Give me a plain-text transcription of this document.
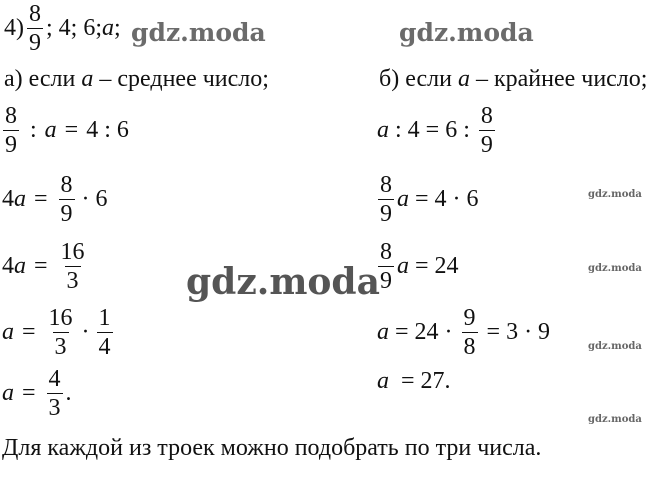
$4) \frac{8}{9}$ ; 4; 6; a ; gdz.moda	gdz.moda
gdz.moda
gdz.moda
gdz.moda
gdz.moda
gdz.moda
а) если a – среднее число;
$\frac{8}{9}$ : a = 4 : 6
4 $a = \frac{8}{9} \cdot 6$
4 $a = \frac{16}{3}$
$a = \frac{16}{3} \cdot \frac{1}{4}$
$a = \frac{4}{3}$ .
б) если a – крайнее число;
a : 4 = 6 : $\frac{8}{9}$
$\frac{8}{9}$ a = 4 · 6
$\frac{8}{9}$ a = 24
$a = 24 \cdot \frac{9}{8} = 3 \cdot 9$
a = 27.
Для каждой из троек можно подобрать по три числа.
